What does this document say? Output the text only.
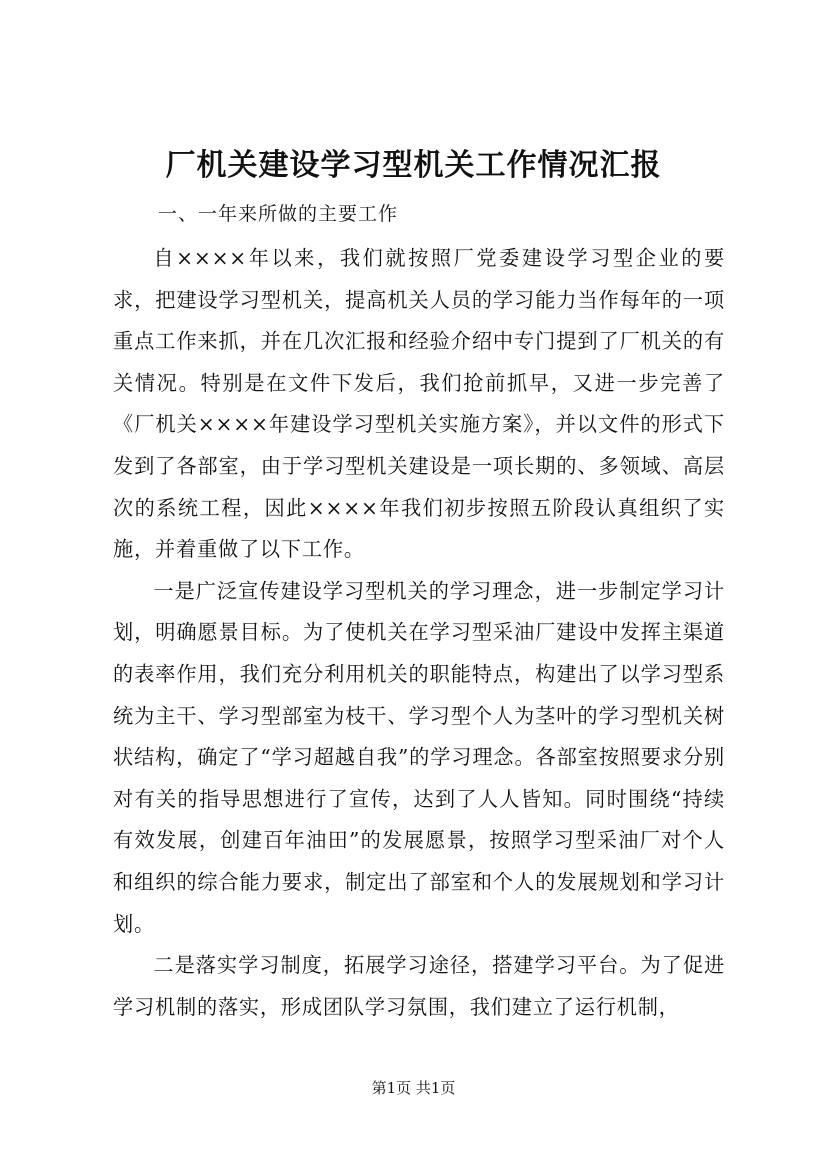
厂机关建设学习型机关工作情况汇报
一、一年来所做的主要工作

自××××年以来，我们就按照厂党委建设学习型企业的要求，把建设学习型机关，提高机关人员的学习能力当作每年的一项重点工作来抓，并在几次汇报和经验介绍中专门提到了厂机关的有关情况。特别是在文件下发后，我们抢前抓早，又进一步完善了《厂机关××××年建设学习型机关实施方案》，并以文件的形式下发到了各部室，由于学习型机关建设是一项长期的、多领域、高层次的系统工程，因此××××年我们初步按照五阶段认真组织了实施，并着重做了以下工作。

一是广泛宣传建设学习型机关的学习理念，进一步制定学习计划，明确愿景目标。为了使机关在学习型采油厂建设中发挥主渠道的表率作用，我们充分利用机关的职能特点，构建出了以学习型系统为主干、学习型部室为枝干、学习型个人为茎叶的学习型机关树状结构，确定了“学习超越自我”的学习理念。各部室按照要求分别对有关的指导思想进行了宣传，达到了人人皆知。同时围绕“持续有效发展，创建百年油田”的发展愿景，按照学习型采油厂对个人和组织的综合能力要求，制定出了部室和个人的发展规划和学习计划。

二是落实学习制度，拓展学习途径，搭建学习平台。为了促进学习机制的落实，形成团队学习氛围，我们建立了运行机制，

第1页 共1页
